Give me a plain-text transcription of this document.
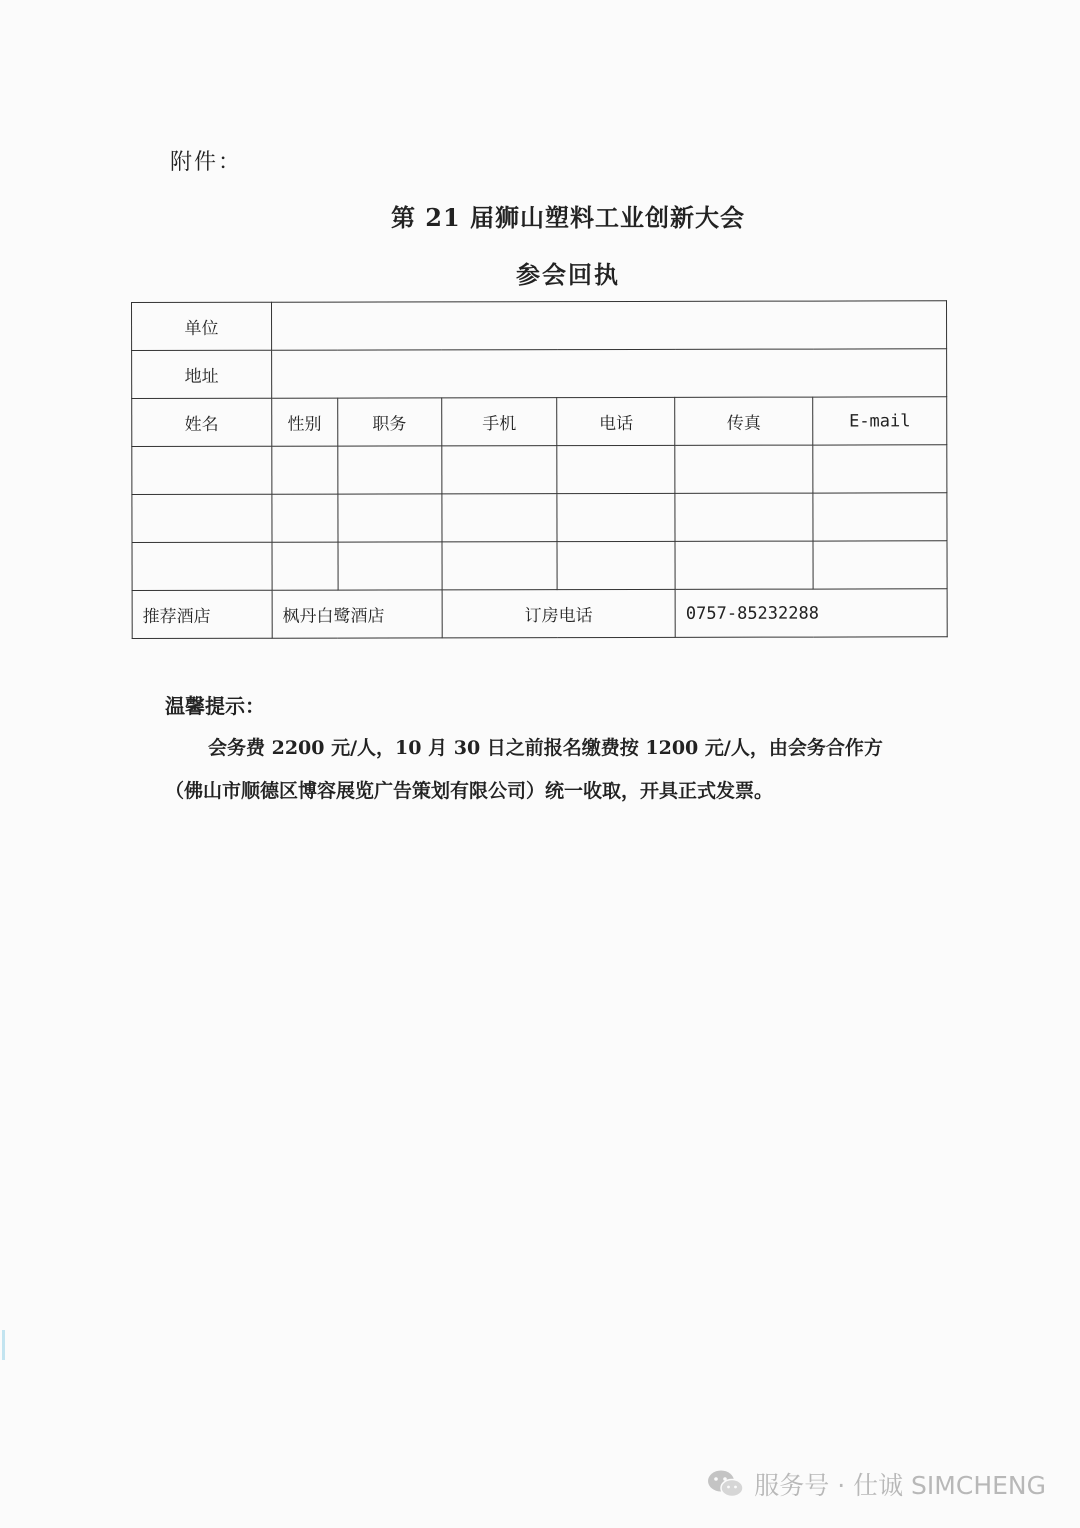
附件：
第 21 届狮山塑料工业创新大会
参会回执
单位						
地址						
姓名	性别	职务	手机	电话	传真	E-mail

推荐酒店	枫丹白鹭酒店		订房电话		0757-85232288	
温馨提示：
会务费 2200 元/人，10 月 30 日之前报名缴费按 1200 元/人，由会务合作方
（佛山市顺德区博容展览广告策划有限公司）统一收取，开具正式发票。
服务号 · 仕诚 SIMCHENG
